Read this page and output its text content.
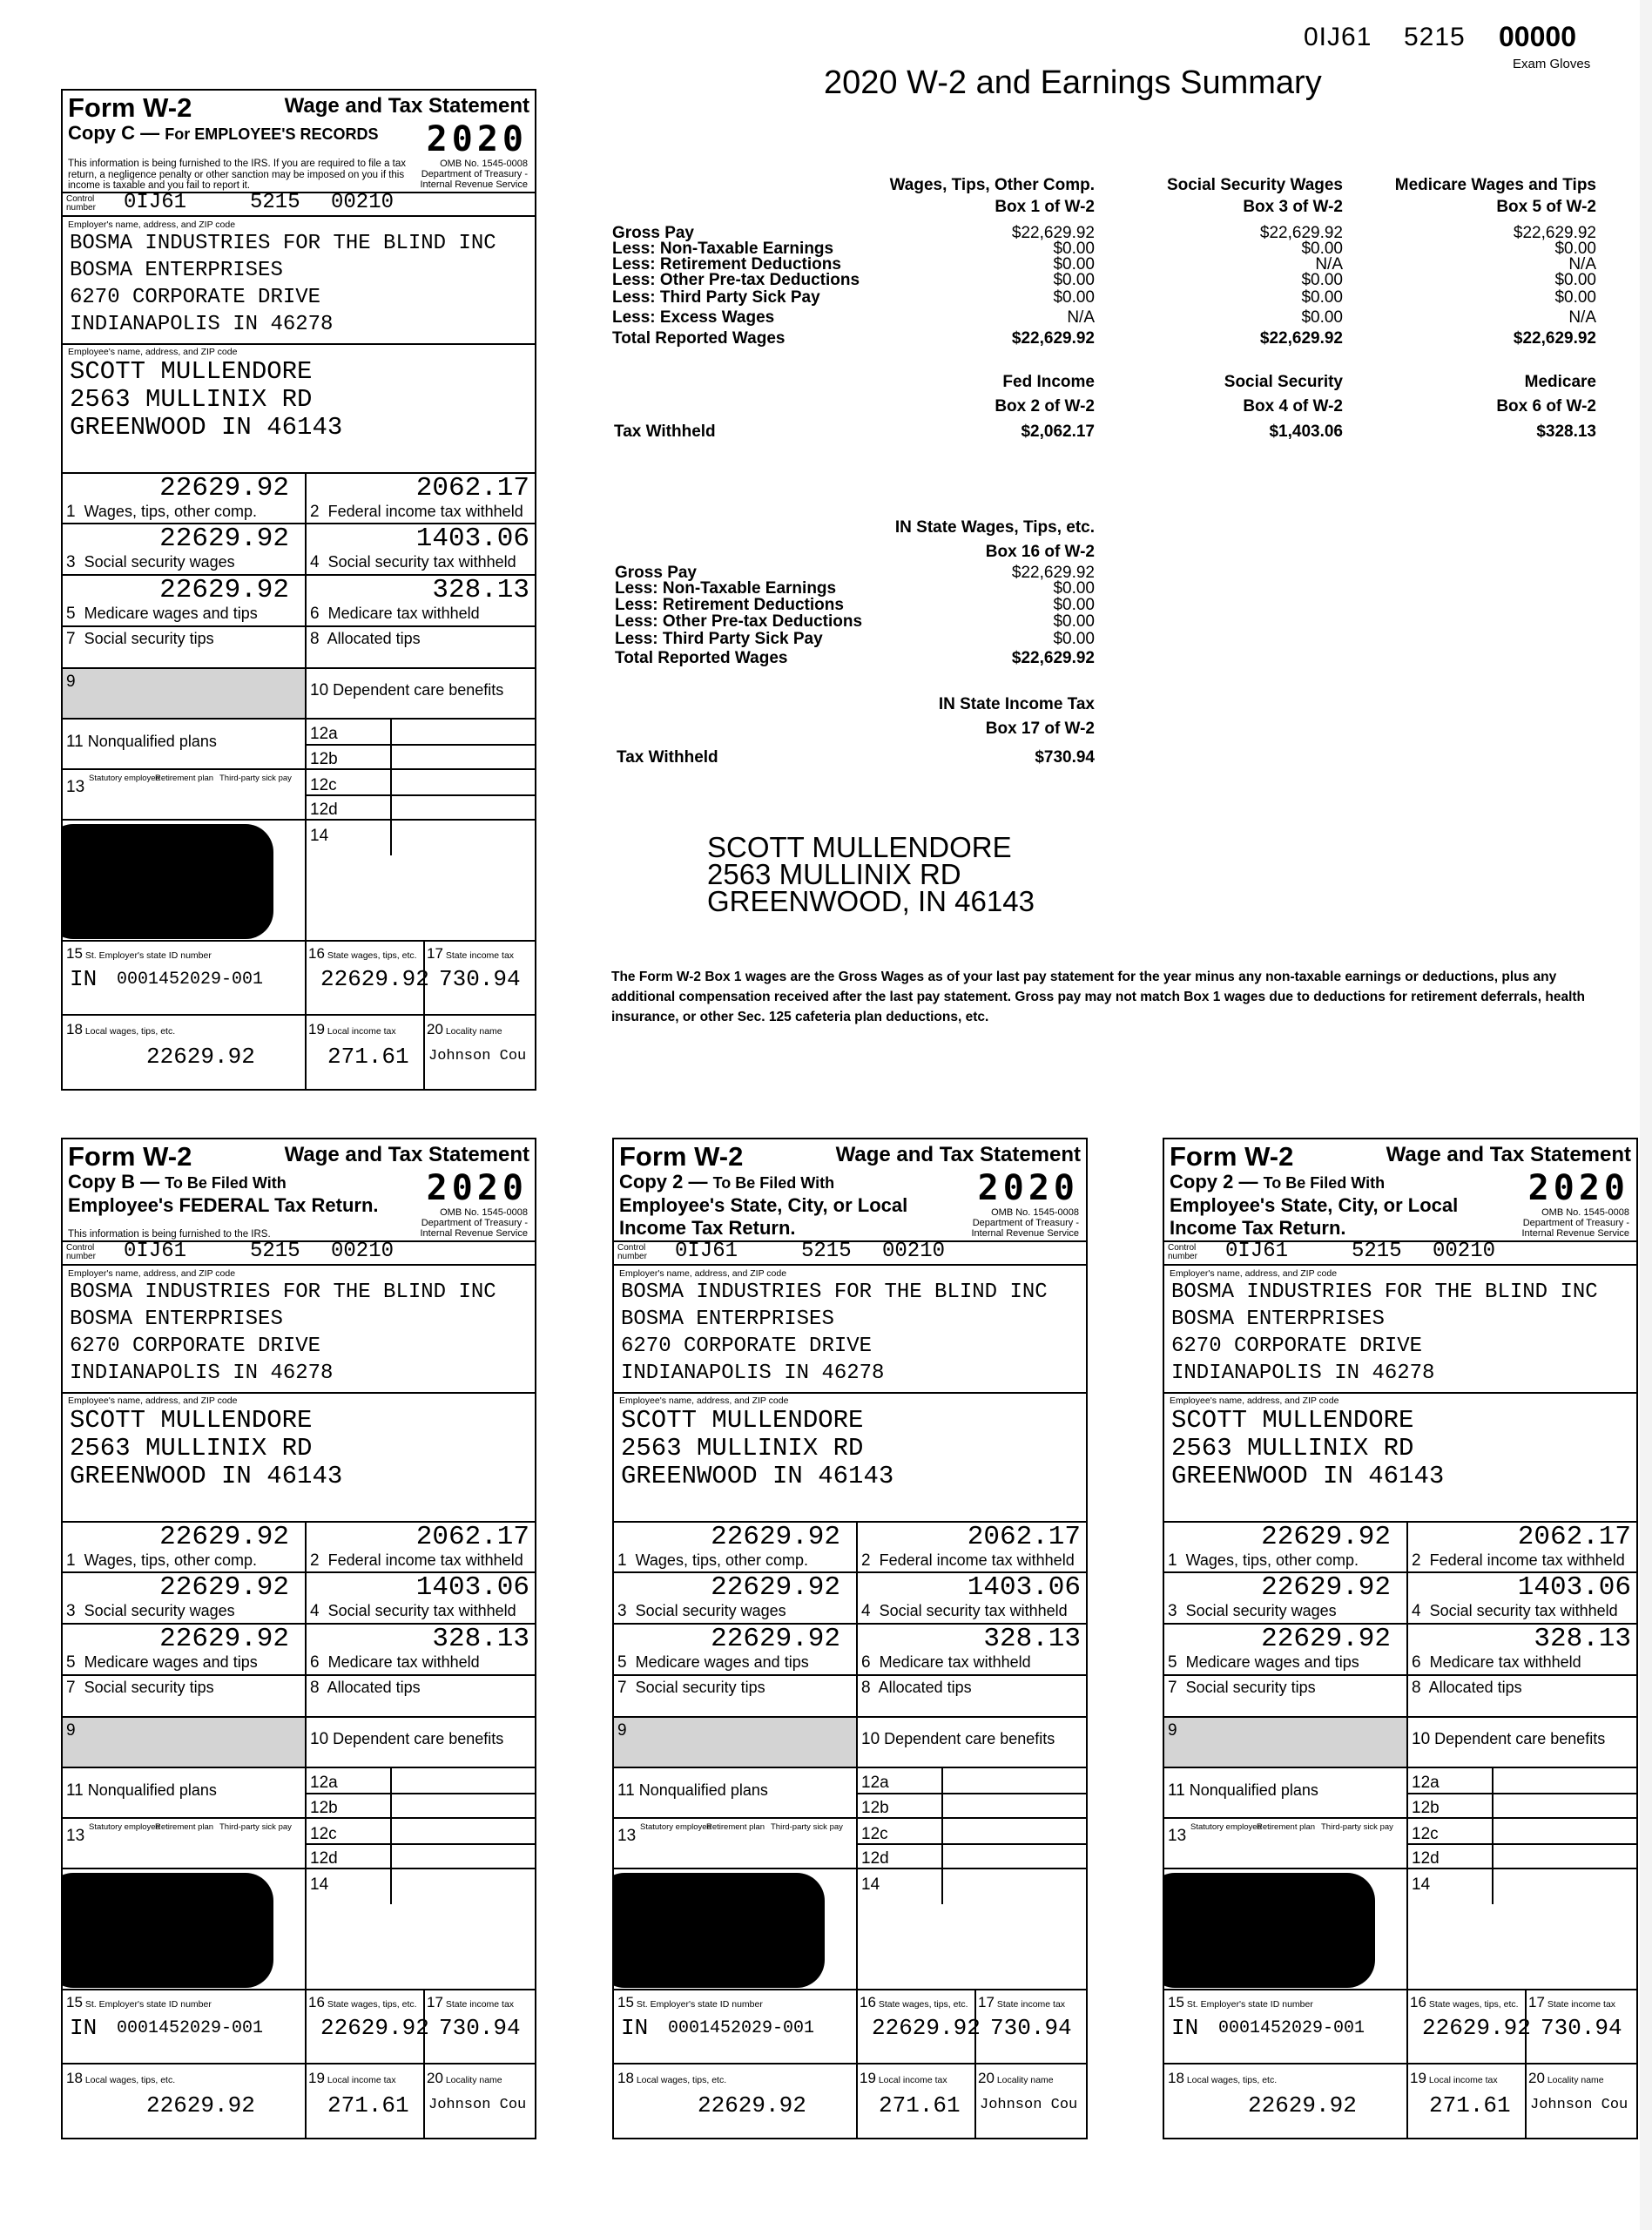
0IJ61 5215 00000
Exam Gloves
2020 W-2 and Earnings Summary
Form W-2	Wage and Tax Statement
Copy C — For EMPLOYEE'S RECORDS 2020
OMB No. 1545-0008
Department of Treasury -
Internal Revenue Service
This information is being furnished to the IRS. If you are required to file a tax return, a negligence penalty or other sanction may be imposed on you if this income is taxable and you fail to report it.
Control
number 0IJ61	5215 00210
Employer's name, address, and ZIP code
BOSMA INDUSTRIES FOR THE BLIND INC
BOSMA ENTERPRISES
6270 CORPORATE DRIVE
INDIANAPOLIS IN 46278
Employee's name, address, and ZIP code
SCOTT MULLENDORE
2563 MULLINIX RD
GREENWOOD IN 46143
22629.92	2062.17
1 Wages, tips, other comp.	2 Federal income tax withheld
22629.92	1403.06
3 Social security wages	4 Social security tax withheld
22629.92	328.13
5 Medicare wages and tips	6 Medicare tax withheld
7 Social security tips	8 Allocated tips
9	10 Dependent care benefits
11 Nonqualified plans	12a
12b
13 Statutory employee
Retirement plan Third-party sick pay 12c
12d
14
15 St. Employer's state ID number	16 State wages, tips, etc. 17 State income tax
IN 0001452029-001	22629.92 730.94
18 Local wages, tips, etc.	19 Local income tax 20 Locality name
22629.92	271.61 Johnson Cou
Form W-2	Wage and Tax Statement
Copy B — To Be Filed With
Employee's FEDERAL Tax Return. 2020
OMB No. 1545-0008
Department of Treasury -
Internal Revenue Service
This information is being furnished to the IRS.
Control
number 0IJ61	5215 00210
Employer's name, address, and ZIP code
BOSMA INDUSTRIES FOR THE BLIND INC
BOSMA ENTERPRISES
6270 CORPORATE DRIVE
INDIANAPOLIS IN 46278
Employee's name, address, and ZIP code
SCOTT MULLENDORE
2563 MULLINIX RD
GREENWOOD IN 46143
22629.92	2062.17
1 Wages, tips, other comp.	2 Federal income tax withheld
22629.92	1403.06
3 Social security wages	4 Social security tax withheld
22629.92	328.13
5 Medicare wages and tips	6 Medicare tax withheld
7 Social security tips	8 Allocated tips
9	10 Dependent care benefits
11 Nonqualified plans	12a
12b
13 Statutory employee
Retirement plan Third-party sick pay 12c
12d
14
15 St. Employer's state ID number	16 State wages, tips, etc. 17 State income tax
IN 0001452029-001	22629.92 730.94
18 Local wages, tips, etc.	19 Local income tax 20 Locality name
22629.92	271.61 Johnson Cou
Form W-2	Wage and Tax Statement
Copy 2 — To Be Filed With
Employee's State, City, or Local
Income Tax Return.
2020
OMB No. 1545-0008
Department of Treasury -
Internal Revenue Service
Control
number 0IJ61	5215 00210
Employer's name, address, and ZIP code
BOSMA INDUSTRIES FOR THE BLIND INC
BOSMA ENTERPRISES
6270 CORPORATE DRIVE
INDIANAPOLIS IN 46278
Employee's name, address, and ZIP code
SCOTT MULLENDORE
2563 MULLINIX RD
GREENWOOD IN 46143
22629.92	2062.17
1 Wages, tips, other comp.	2 Federal income tax withheld
22629.92	1403.06
3 Social security wages	4 Social security tax withheld
22629.92	328.13
5 Medicare wages and tips	6 Medicare tax withheld
7 Social security tips	8 Allocated tips
9	10 Dependent care benefits
11 Nonqualified plans	12a
12b
13 Statutory employee
Retirement plan Third-party sick pay 12c
12d
14
15 St. Employer's state ID number	16 State wages, tips, etc. 17 State income tax
IN 0001452029-001	22629.92 730.94
18 Local wages, tips, etc.	19 Local income tax 20 Locality name
22629.92	271.61 Johnson Cou
Form W-2	Wage and Tax Statement
Copy 2 — To Be Filed With
Employee's State, City, or Local
Income Tax Return.
2020
OMB No. 1545-0008
Department of Treasury -
Internal Revenue Service
Control
number 0IJ61	5215 00210
Employer's name, address, and ZIP code
BOSMA INDUSTRIES FOR THE BLIND INC
BOSMA ENTERPRISES
6270 CORPORATE DRIVE
INDIANAPOLIS IN 46278
Employee's name, address, and ZIP code
SCOTT MULLENDORE
2563 MULLINIX RD
GREENWOOD IN 46143
22629.92	2062.17
1 Wages, tips, other comp.	2 Federal income tax withheld
22629.92	1403.06
3 Social security wages	4 Social security tax withheld
22629.92	328.13
5 Medicare wages and tips	6 Medicare tax withheld
7 Social security tips	8 Allocated tips
9	10 Dependent care benefits
11 Nonqualified plans	12a
12b
13 Statutory employee
Retirement plan Third-party sick pay 12c
12d
14
15 St. Employer's state ID number	16 State wages, tips, etc. 17 State income tax
IN 0001452029-001	22629.92 730.94
18 Local wages, tips, etc.	19 Local income tax 20 Locality name
22629.92	271.61 Johnson Cou
Wages, Tips, Other Comp.
Box 1 of W-2
Social Security Wages
Box 3 of W-2
Medicare Wages and Tips
Box 5 of W-2
Gross Pay	$22,629.92	$22,629.92	$22,629.92
Less: Non-Taxable Earnings	$0.00	$0.00	$0.00
Less: Retirement Deductions	$0.00	N/A	N/A
Less: Other Pre-tax Deductions	$0.00	$0.00	$0.00
Less: Third Party Sick Pay	$0.00	$0.00	$0.00
Less: Excess Wages	N/A	$0.00	N/A
Total Reported Wages	$22,629.92	$22,629.92	$22,629.92
Fed Income
Box 2 of W-2
Social Security
Box 4 of W-2
Medicare
Box 6 of W-2
Tax Withheld	$2,062.17	$1,403.06	$328.13
IN State Wages, Tips, etc.
Box 16 of W-2
Gross Pay	$22,629.92
Less: Non-Taxable Earnings	$0.00
Less: Retirement Deductions	$0.00
Less: Other Pre-tax Deductions	$0.00
Less: Third Party Sick Pay	$0.00
Total Reported Wages	$22,629.92
IN State Income Tax
Box 17 of W-2
Tax Withheld	$730.94
SCOTT MULLENDORE
2563 MULLINIX RD
GREENWOOD, IN 46143
The Form W-2 Box 1 wages are the Gross Wages as of your last pay statement for the year minus any non-taxable earnings or deductions, plus any additional compensation received after the last pay statement. Gross pay may not match Box 1 wages due to deductions for retirement deferrals, health insurance, or other Sec. 125 cafeteria plan deductions, etc.
